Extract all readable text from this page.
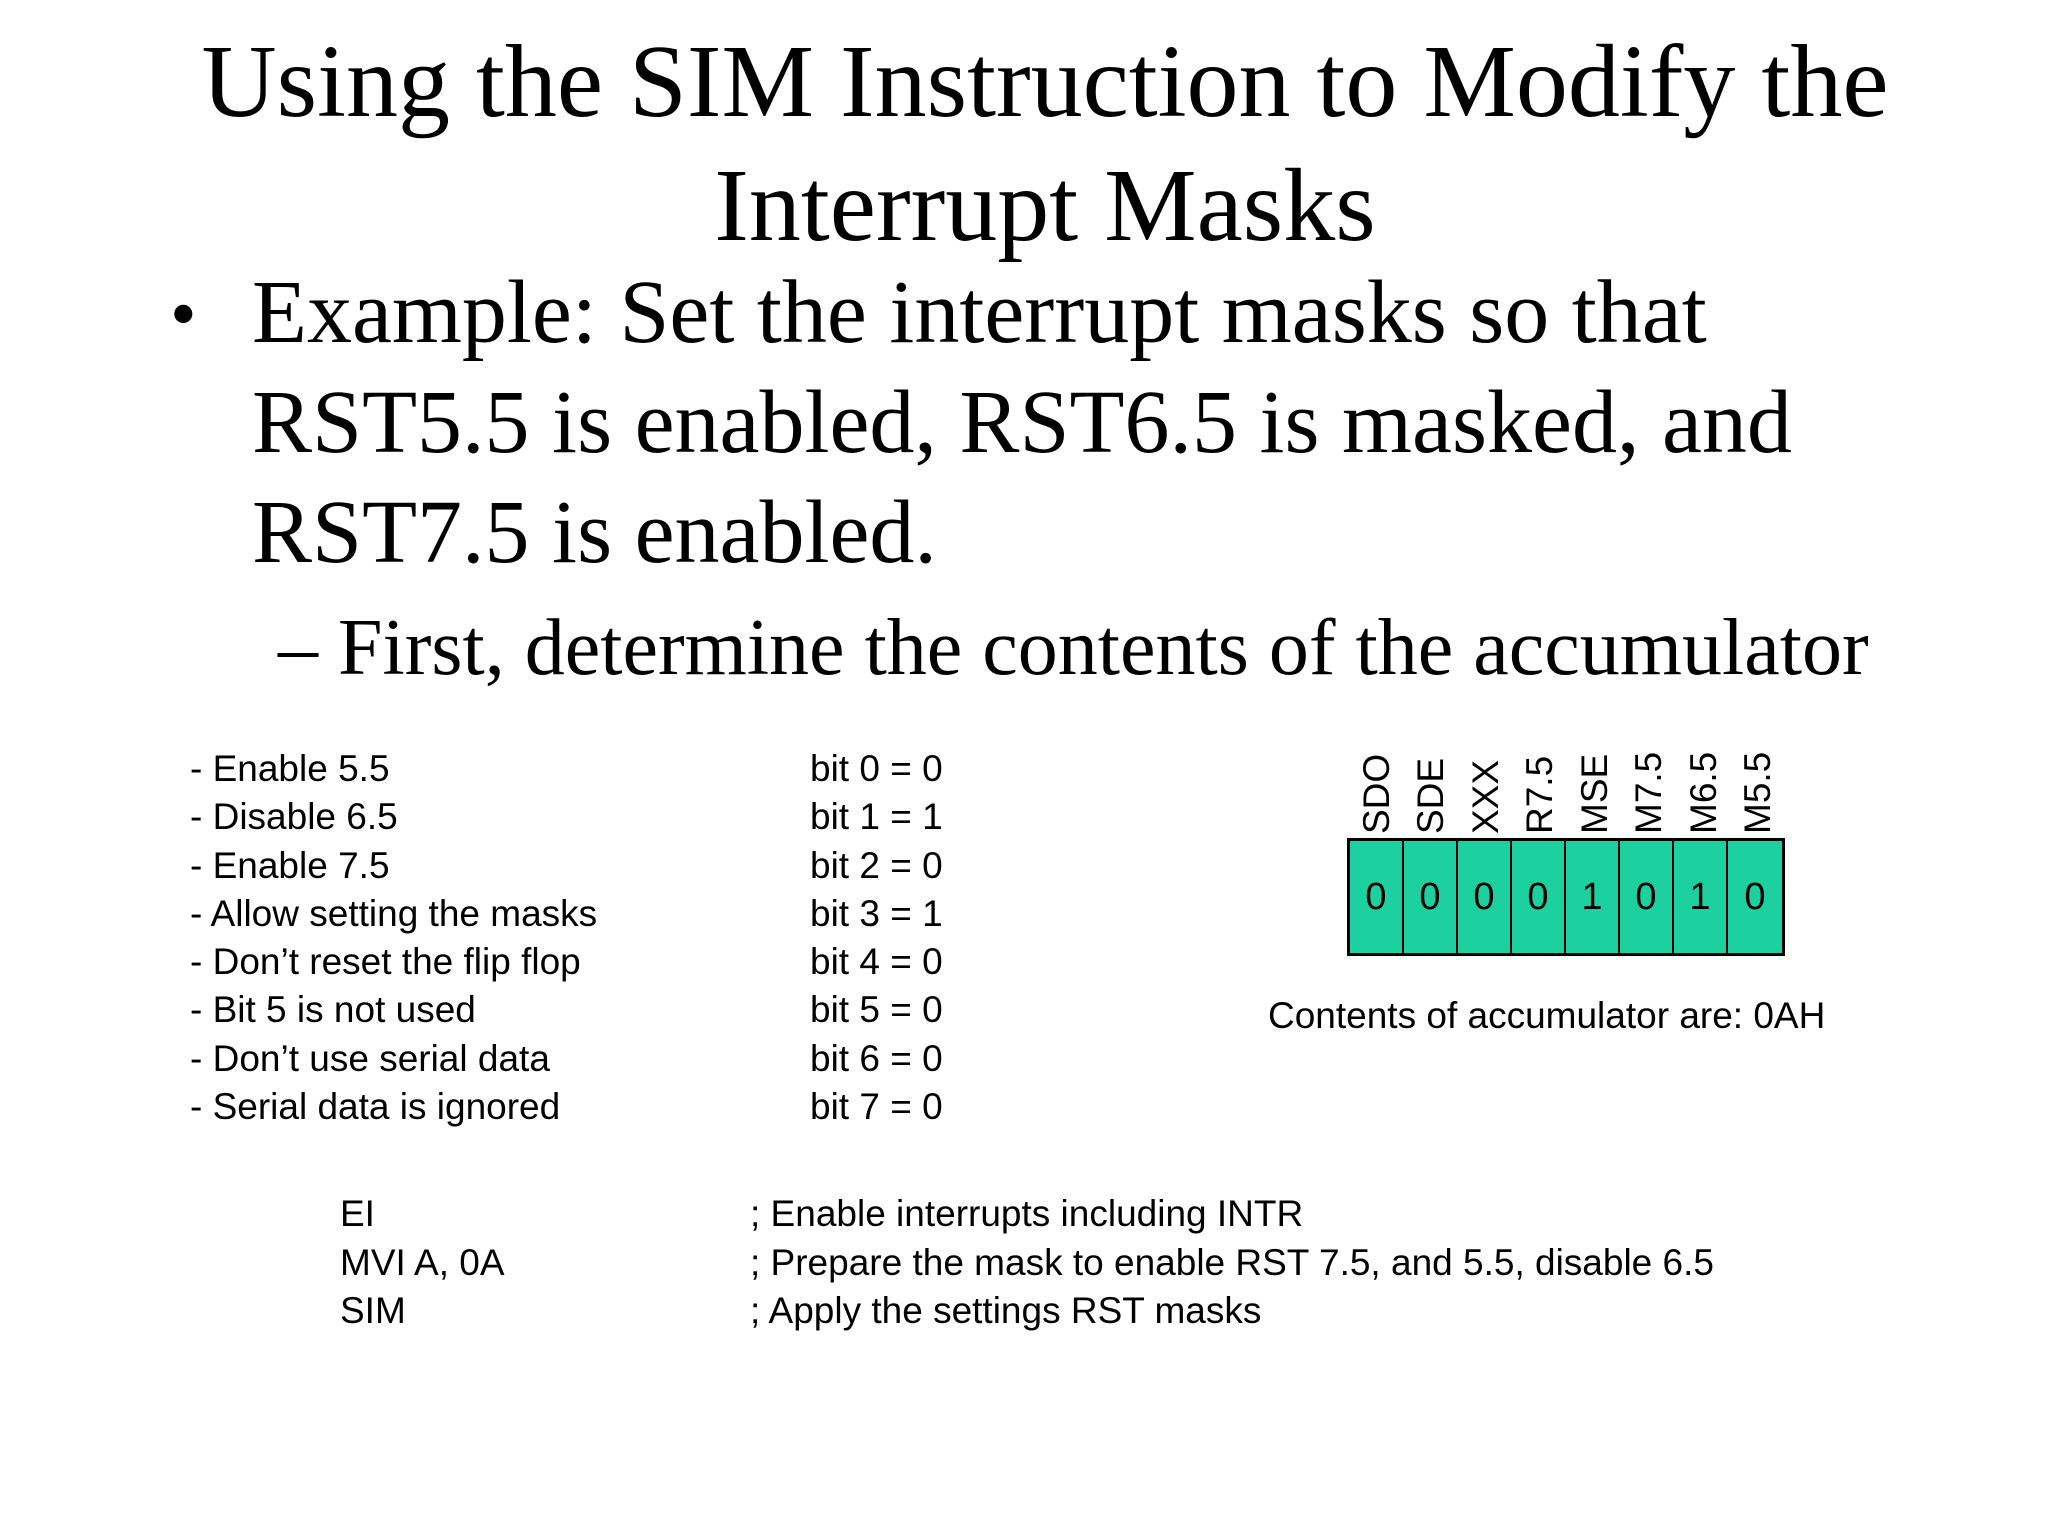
Using the SIM Instruction to Modify the
Interrupt Masks
• Example: Set the interrupt masks so that
RST5.5 is enabled, RST6.5 is masked, and
RST7.5 is enabled.
– First, determine the contents of the accumulator
- Enable 5.5
- Disable 6.5
- Enable 7.5
- Allow setting the masks
- Don’t reset the flip flop
- Bit 5 is not used
- Don’t use serial data
- Serial data is ignored
bit 0 = 0
bit 1 = 1
bit 2 = 0
bit 3 = 1
bit 4 = 0
bit 5 = 0
bit 6 = 0
bit 7 = 0
SDO SDE XXX R7.5 MSE M7.5 M6.5 M5.5
0 0 0 0 1 0 1 0
Contents of accumulator are: 0AH
EI
MVI A, 0A
SIM
; Enable interrupts including INTR
; Prepare the mask to enable RST 7.5, and 5.5, disable 6.5
; Apply the settings RST masks
